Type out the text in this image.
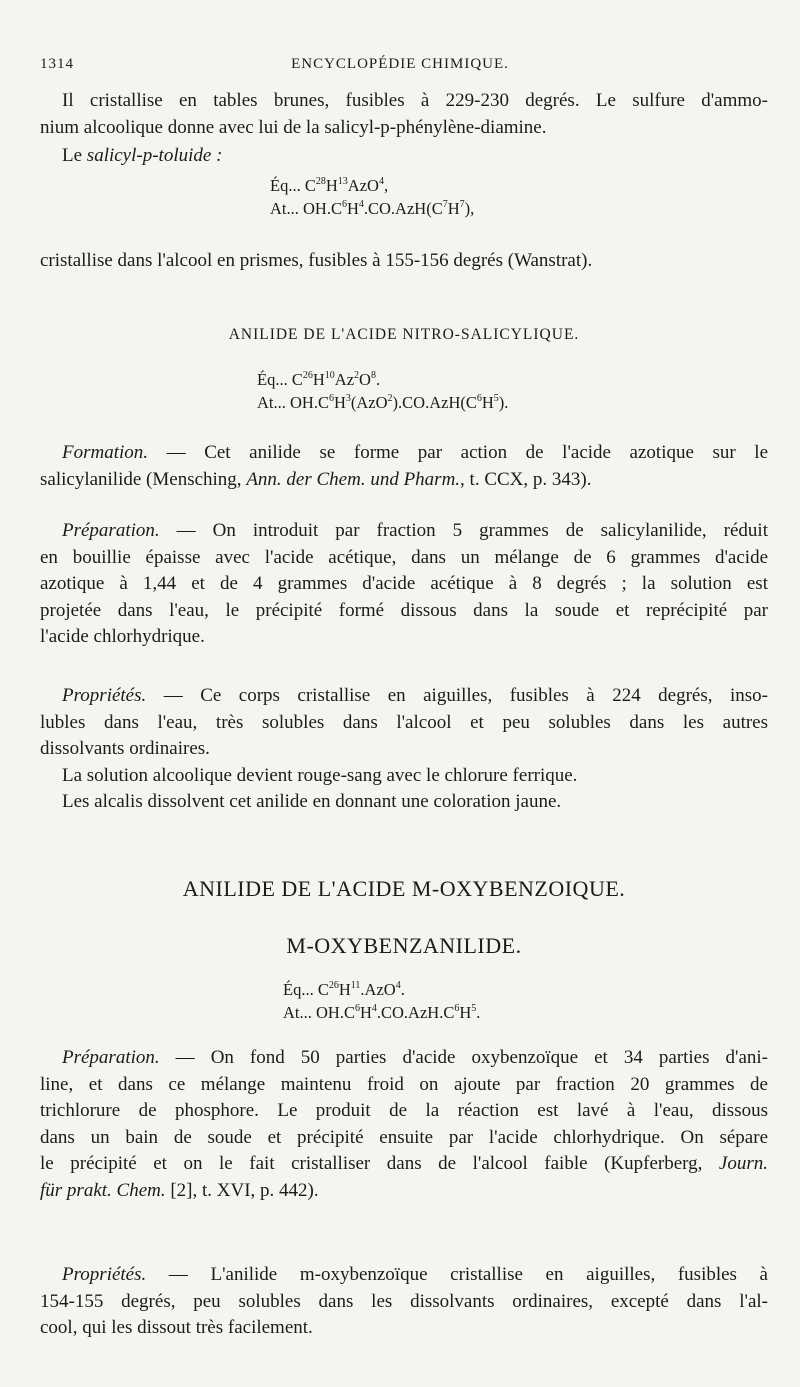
1314	ENCYCLOPÉDIE CHIMIQUE.
Il cristallise en tables brunes, fusibles à 229-230 degrés. Le sulfure d'ammo-
nium alcoolique donne avec lui de la salicyl-p-phénylène-diamine.
Le salicyl-p-toluide :
Éq... $C^{28}H^{13}AzO^4$,
At... $OH.C^6H^4.CO.AzH(C^7H^7)$,
cristallise dans l'alcool en prismes, fusibles à 155-156 degrés (Wanstrat).
ANILIDE DE L'ACIDE NITRO-SALICYLIQUE.
Éq... $C^{26}H^{10}Az^2O^8$.
At... $OH.C^6H^3(AzO^2).CO.AzH(C^6H^5)$.
Formation. — Cet anilide se forme par action de l'acide azotique sur le
salicylanilide (Mensching, Ann. der Chem. und Pharm., t. CCX, p. 343).
Préparation. — On introduit par fraction 5 grammes de salicylanilide, réduit
en bouillie épaisse avec l'acide acétique, dans un mélange de 6 grammes d'acide
azotique à 1,44 et de 4 grammes d'acide acétique à 8 degrés ; la solution est
projetée dans l'eau, le précipité formé dissous dans la soude et reprécipité par
l'acide chlorhydrique.
Propriétés. — Ce corps cristallise en aiguilles, fusibles à 224 degrés, inso-
lubles dans l'eau, très solubles dans l'alcool et peu solubles dans les autres
dissolvants ordinaires.
La solution alcoolique devient rouge-sang avec le chlorure ferrique.
Les alcalis dissolvent cet anilide en donnant une coloration jaune.
ANILIDE DE L'ACIDE M-OXYBENZOIQUE.
M-OXYBENZANILIDE.
Éq... $C^{26}H^{11}.AzO^4$.
At... $OH.C^6H^4.CO.AzH.C^6H^5$.
Préparation. — On fond 50 parties d'acide oxybenzoïque et 34 parties d'ani-
line, et dans ce mélange maintenu froid on ajoute par fraction 20 grammes de
trichlorure de phosphore. Le produit de la réaction est lavé à l'eau, dissous
dans un bain de soude et précipité ensuite par l'acide chlorhydrique. On sépare
le précipité et on le fait cristalliser dans de l'alcool faible (Kupferberg, Journ.
für prakt. Chem. [2], t. XVI, p. 442).
Propriétés. — L'anilide m-oxybenzoïque cristallise en aiguilles, fusibles à
154-155 degrés, peu solubles dans les dissolvants ordinaires, excepté dans l'al-
cool, qui les dissout très facilement.
